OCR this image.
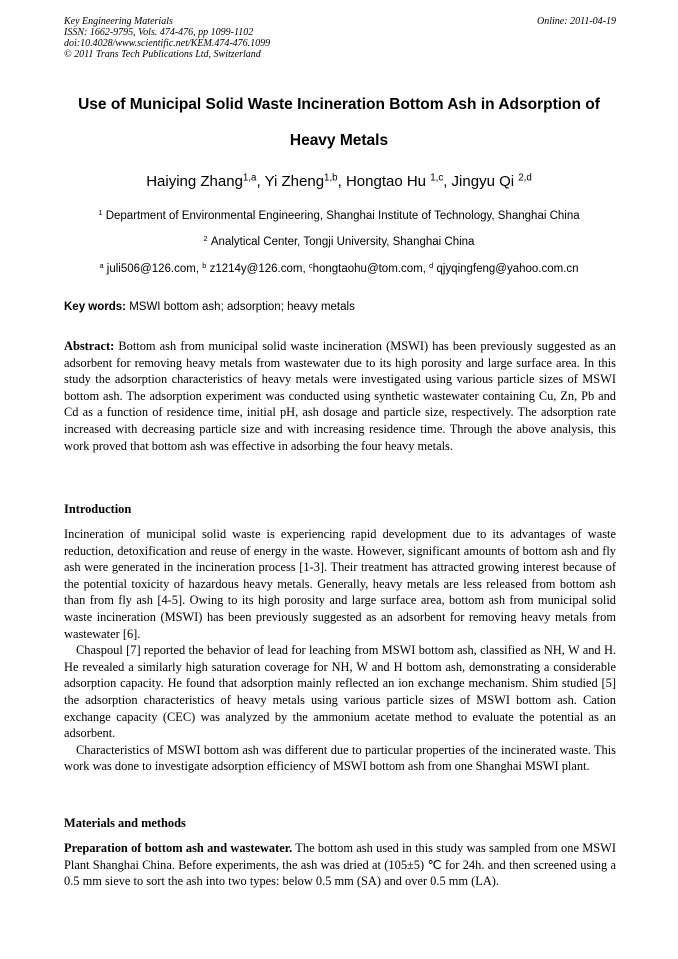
Key Engineering Materials
ISSN: 1662-9795, Vols. 474-476, pp 1099-1102
doi:10.4028/www.scientific.net/KEM.474-476.1099
© 2011 Trans Tech Publications Ltd, Switzerland
Online: 2011-04-19
Use of Municipal Solid Waste Incineration Bottom Ash in Adsorption of
Heavy Metals
Haiying Zhang$^{1,a}$, Yi Zheng$^{1,b}$, Hongtao Hu $^{1,c}$, Jingyu Qi $^{2,d}$
$^1$ Department of Environmental Engineering, Shanghai Institute of Technology, Shanghai China
$^2$ Analytical Center, Tongji University, Shanghai China
$^a$ juli506@126.com, $^b$ z1214y@126.com, $^c$hongtaohu@tom.com, $^d$ qjyqingfeng@yahoo.com.cn
Key words: MSWI bottom ash; adsorption; heavy metals
Abstract: Bottom ash from municipal solid waste incineration (MSWI) has been previously suggested as an adsorbent for removing heavy metals from wastewater due to its high porosity and large surface area. In this study the adsorption characteristics of heavy metals were investigated using various particle sizes of MSWI bottom ash. The adsorption experiment was conducted using synthetic wastewater containing Cu, Zn, Pb and Cd as a function of residence time, initial pH, ash dosage and particle size, respectively. The adsorption rate increased with decreasing particle size and with increasing residence time. Through the above analysis, this work proved that bottom ash was effective in adsorbing the four heavy metals.
Introduction
Incineration of municipal solid waste is experiencing rapid development due to its advantages of waste reduction, detoxification and reuse of energy in the waste. However, significant amounts of bottom ash and fly ash were generated in the incineration process [1-3]. Their treatment has attracted growing interest because of the potential toxicity of hazardous heavy metals. Generally, heavy metals are less released from bottom ash than from fly ash [4-5]. Owing to its high porosity and large surface area, bottom ash from municipal solid waste incineration (MSWI) has been previously suggested as an adsorbent for removing heavy metals from wastewater [6].
Chaspoul [7] reported the behavior of lead for leaching from MSWI bottom ash, classified as NH, W and H. He revealed a similarly high saturation coverage for NH, W and H bottom ash, demonstrating a considerable adsorption capacity. He found that adsorption mainly reflected an ion exchange mechanism. Shim studied [5] the adsorption characteristics of heavy metals using various particle sizes of MSWI bottom ash. Cation exchange capacity (CEC) was analyzed by the ammonium acetate method to evaluate the potential as an adsorbent.
Characteristics of MSWI bottom ash was different due to particular properties of the incinerated waste. This work was done to investigate adsorption efficiency of MSWI bottom ash from one Shanghai MSWI plant.
Materials and methods
Preparation of bottom ash and wastewater. The bottom ash used in this study was sampled from one MSWI Plant Shanghai China. Before experiments, the ash was dried at (105±5) ℃ for 24h. and then screened using a 0.5 mm sieve to sort the ash into two types: below 0.5 mm (SA) and over 0.5 mm (LA).
